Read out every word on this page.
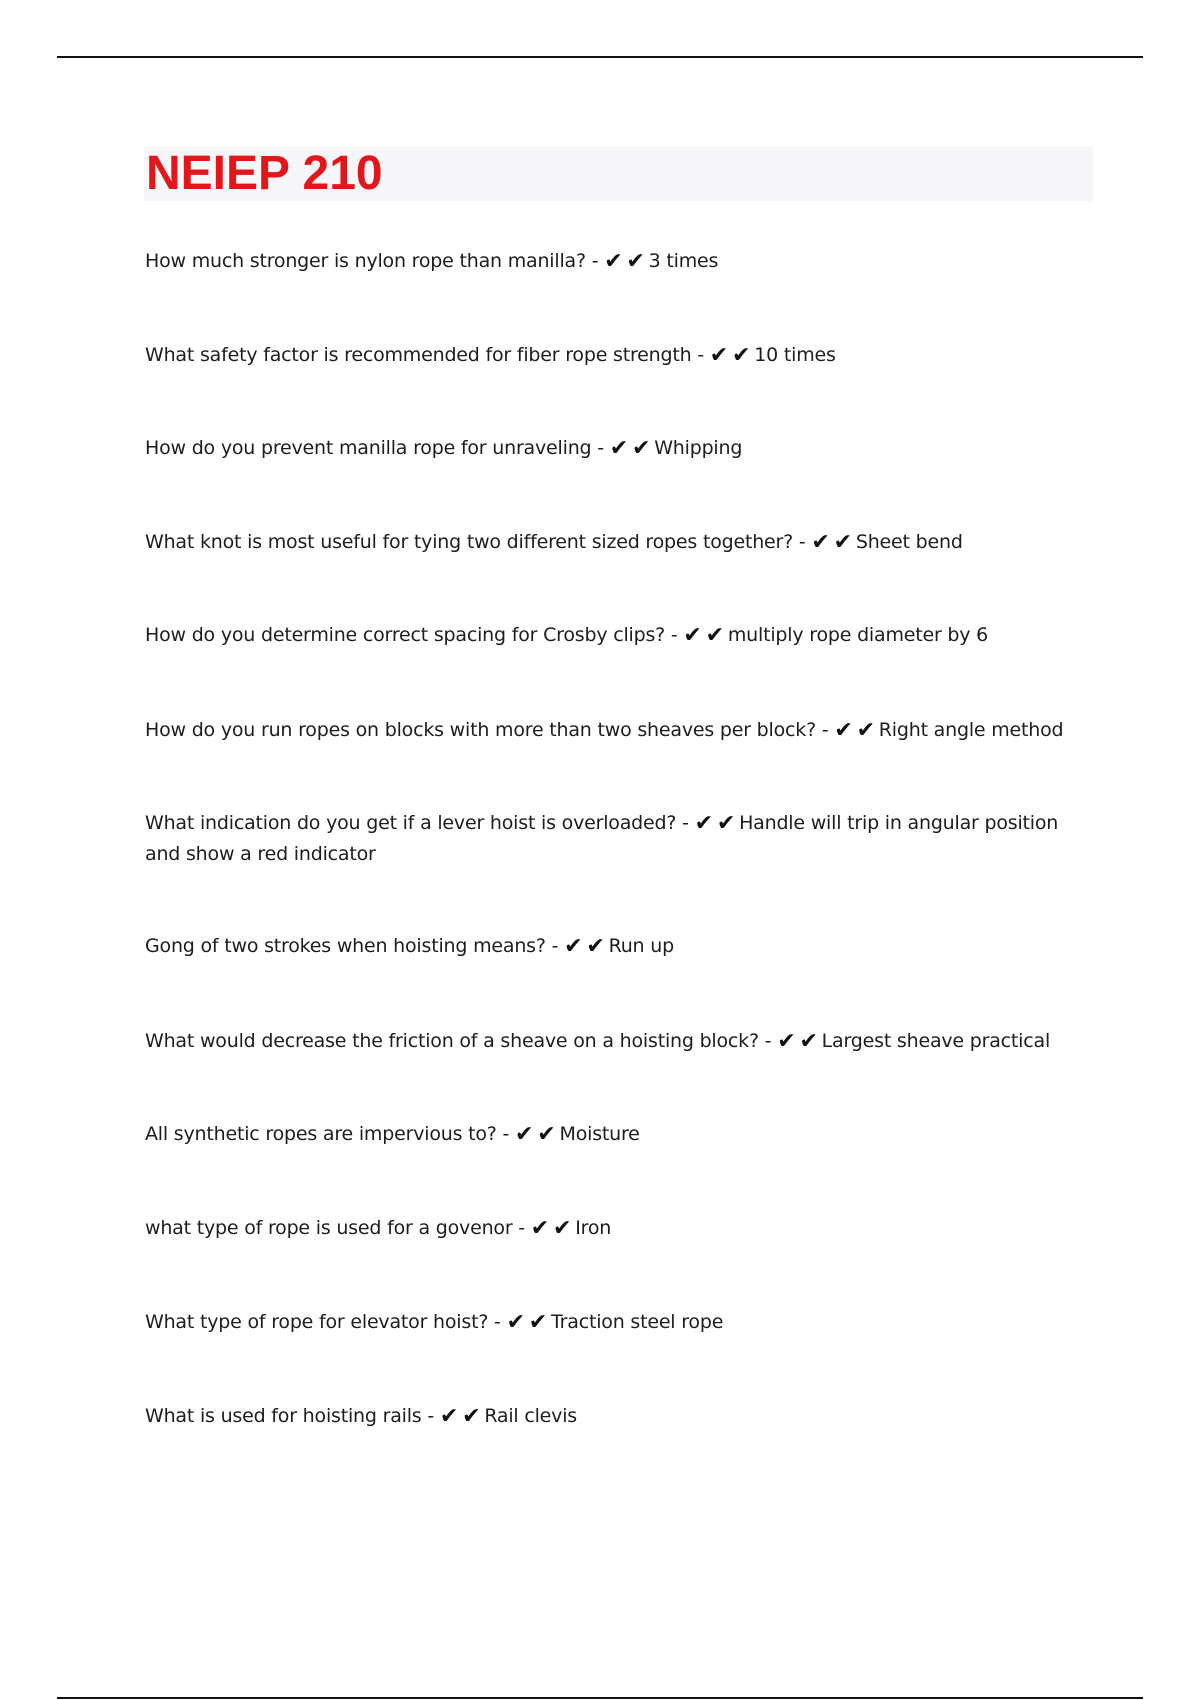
NEIEP 210
How much stronger is nylon rope than manilla? - ✔ ✔ 3 times
What safety factor is recommended for fiber rope strength - ✔ ✔ 10 times
How do you prevent manilla rope for unraveling - ✔ ✔ Whipping
What knot is most useful for tying two different sized ropes together? - ✔ ✔ Sheet bend
How do you determine correct spacing for Crosby clips? - ✔ ✔ multiply rope diameter by 6
How do you run ropes on blocks with more than two sheaves per block? - ✔ ✔ Right angle method
What indication do you get if a lever hoist is overloaded? - ✔ ✔ Handle will trip in angular position and show a red indicator
Gong of two strokes when hoisting means? - ✔ ✔ Run up
What would decrease the friction of a sheave on a hoisting block? - ✔ ✔ Largest sheave practical
All synthetic ropes are impervious to? - ✔ ✔ Moisture
what type of rope is used for a govenor - ✔ ✔ Iron
What type of rope for elevator hoist? - ✔ ✔ Traction steel rope
What is used for hoisting rails - ✔ ✔ Rail clevis
